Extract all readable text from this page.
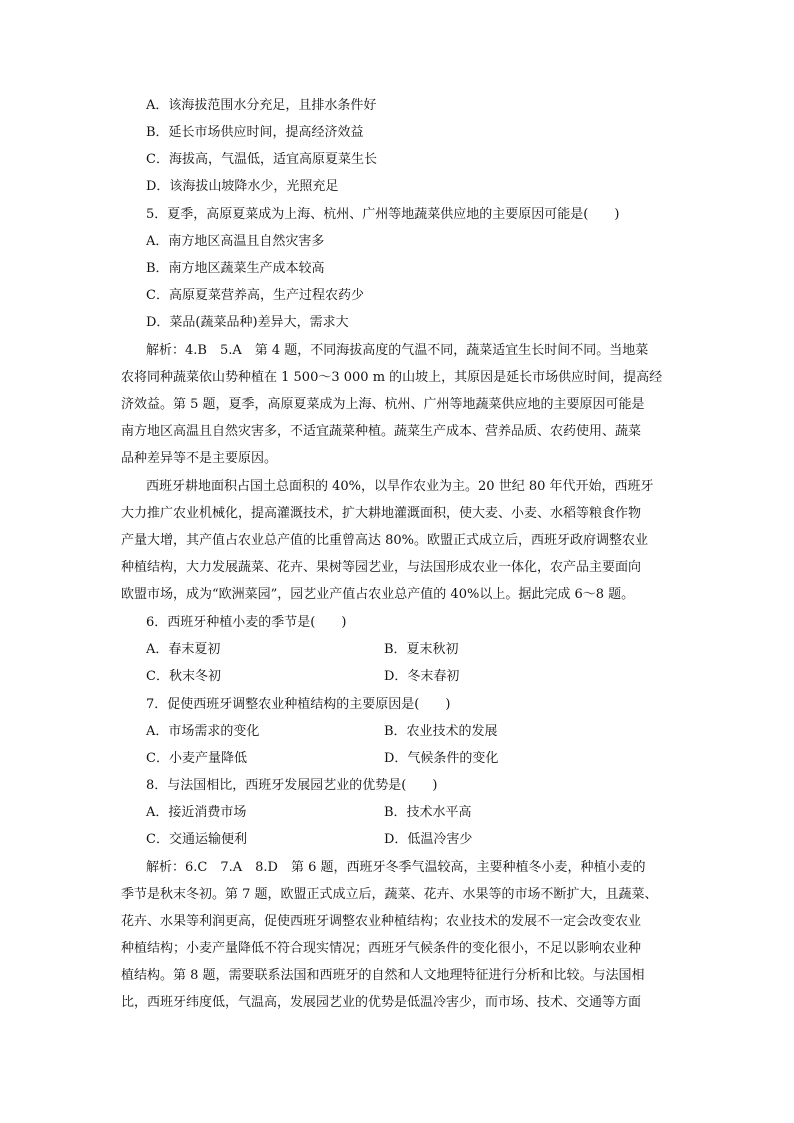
A．该海拔范围水分充足，且排水条件好
B．延长市场供应时间，提高经济效益
C．海拔高，气温低，适宜高原夏菜生长
D．该海拔山坡降水少，光照充足
5．夏季，高原夏菜成为上海、杭州、广州等地蔬菜供应地的主要原因可能是(　　)
A．南方地区高温且自然灾害多
B．南方地区蔬菜生产成本较高
C．高原夏菜营养高，生产过程农药少
D．菜品(蔬菜品种)差异大，需求大
解析：4.B　5.A　第 4 题，不同海拔高度的气温不同，蔬菜适宜生长时间不同。当地菜
农将同种蔬菜依山势种植在 1 500～3 000 m 的山坡上，其原因是延长市场供应时间，提高经
济效益。第 5 题，夏季，高原夏菜成为上海、杭州、广州等地蔬菜供应地的主要原因可能是
南方地区高温且自然灾害多，不适宜蔬菜种植。蔬菜生产成本、营养品质、农药使用、蔬菜
品种差异等不是主要原因。
西班牙耕地面积占国土总面积的 40%，以旱作农业为主。20 世纪 80 年代开始，西班牙
大力推广农业机械化，提高灌溉技术，扩大耕地灌溉面积，使大麦、小麦、水稻等粮食作物
产量大增，其产值占农业总产值的比重曾高达 80%。欧盟正式成立后，西班牙政府调整农业
种植结构，大力发展蔬菜、花卉、果树等园艺业，与法国形成农业一体化，农产品主要面向
欧盟市场，成为“欧洲菜园”，园艺业产值占农业总产值的 40%以上。据此完成 6～8 题。
6．西班牙种植小麦的季节是(　　)
A．春末夏初	B．夏末秋初
C．秋末冬初	D．冬末春初
7．促使西班牙调整农业种植结构的主要原因是(　　)
A．市场需求的变化	B．农业技术的发展
C．小麦产量降低	D．气候条件的变化
8．与法国相比，西班牙发展园艺业的优势是(　　)
A．接近消费市场	B．技术水平高
C．交通运输便利	D．低温冷害少
解析：6.C　7.A　8.D　第 6 题，西班牙冬季气温较高，主要种植冬小麦，种植小麦的
季节是秋末冬初。第 7 题，欧盟正式成立后，蔬菜、花卉、水果等的市场不断扩大，且蔬菜、
花卉、水果等利润更高，促使西班牙调整农业种植结构；农业技术的发展不一定会改变农业
种植结构；小麦产量降低不符合现实情况；西班牙气候条件的变化很小，不足以影响农业种
植结构。第 8 题，需要联系法国和西班牙的自然和人文地理特征进行分析和比较。与法国相
比，西班牙纬度低，气温高，发展园艺业的优势是低温冷害少，而市场、技术、交通等方面
